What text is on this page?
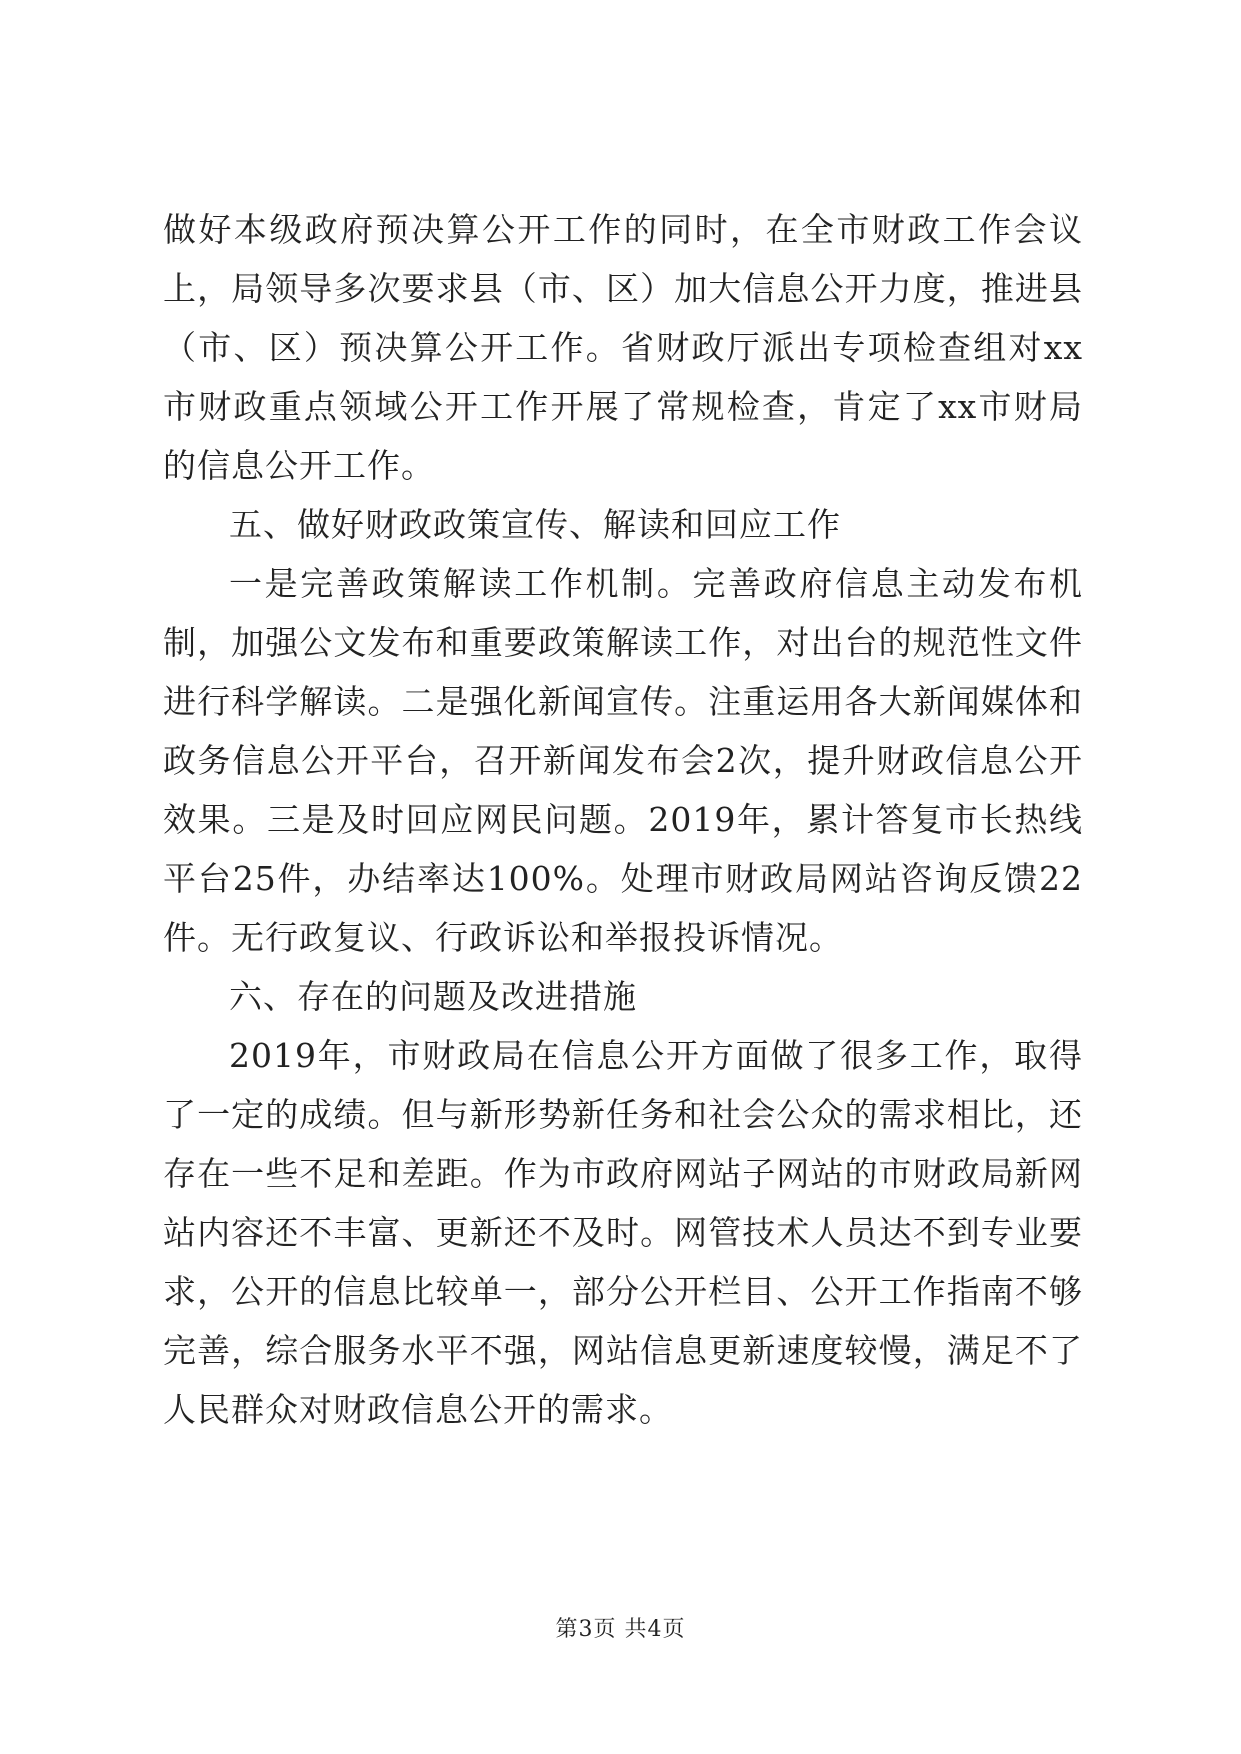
做好本级政府预决算公开工作的同时，在全市财政工作会议上，局领导多次要求县（市、区）加大信息公开力度，推进县（市、区）预决算公开工作。省财政厅派出专项检查组对xx市财政重点领域公开工作开展了常规检查，肯定了xx市财局的信息公开工作。

五、做好财政政策宣传、解读和回应工作

一是完善政策解读工作机制。完善政府信息主动发布机制，加强公文发布和重要政策解读工作，对出台的规范性文件进行科学解读。二是强化新闻宣传。注重运用各大新闻媒体和政务信息公开平台，召开新闻发布会2次，提升财政信息公开效果。三是及时回应网民问题。2019年，累计答复市长热线平台25件，办结率达100%。处理市财政局网站咨询反馈22件。无行政复议、行政诉讼和举报投诉情况。

六、存在的问题及改进措施

2019年，市财政局在信息公开方面做了很多工作，取得了一定的成绩。但与新形势新任务和社会公众的需求相比，还存在一些不足和差距。作为市政府网站子网站的市财政局新网站内容还不丰富、更新还不及时。网管技术人员达不到专业要求，公开的信息比较单一，部分公开栏目、公开工作指南不够完善，综合服务水平不强，网站信息更新速度较慢，满足不了人民群众对财政信息公开的需求。

第3页 共4页
